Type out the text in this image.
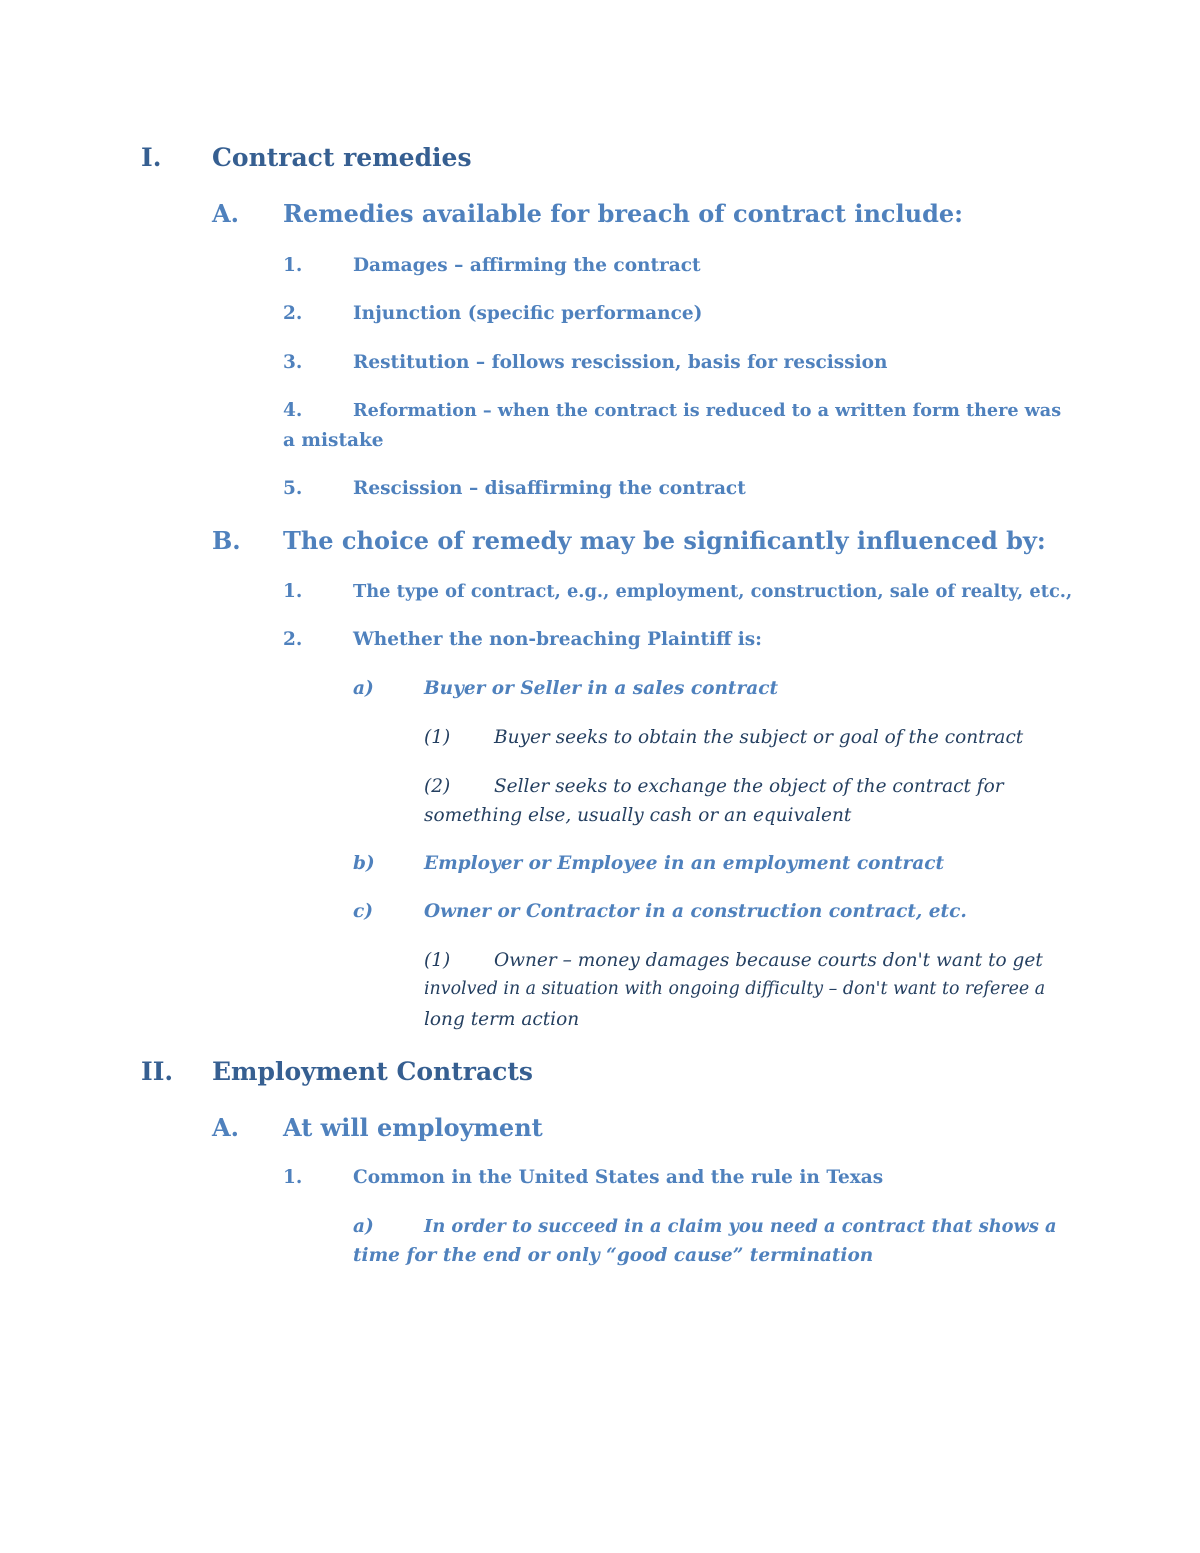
I. Contract remedies
A. Remedies available for breach of contract include:
1.	Damages – affirming the contract
2.	Injunction (specific performance)
3.	Restitution – follows rescission, basis for rescission
4.	Reformation – when the contract is reduced to a written form there was
a mistake
5.	Rescission – disaffirming the contract
B. The choice of remedy may be significantly influenced by:
1.	The type of contract, e.g., employment, construction, sale of realty, etc.,
2.	Whether the non-breaching Plaintiff is:
a)	Buyer or Seller in a sales contract
(1) Buyer seeks to obtain the subject or goal of the contract
(2) Seller seeks to exchange the object of the contract for
something else, usually cash or an equivalent
b)	Employer or Employee in an employment contract
c)	Owner or Contractor in a construction contract, etc.
(1) Owner – money damages because courts don't want to get
involved in a situation with ongoing difficulty – don't want to referee a
long term action
II. Employment Contracts
A. At will employment
1.	Common in the United States and the rule in Texas
a)	In order to succeed in a claim you need a contract that shows a
time for the end or only “good cause” termination
